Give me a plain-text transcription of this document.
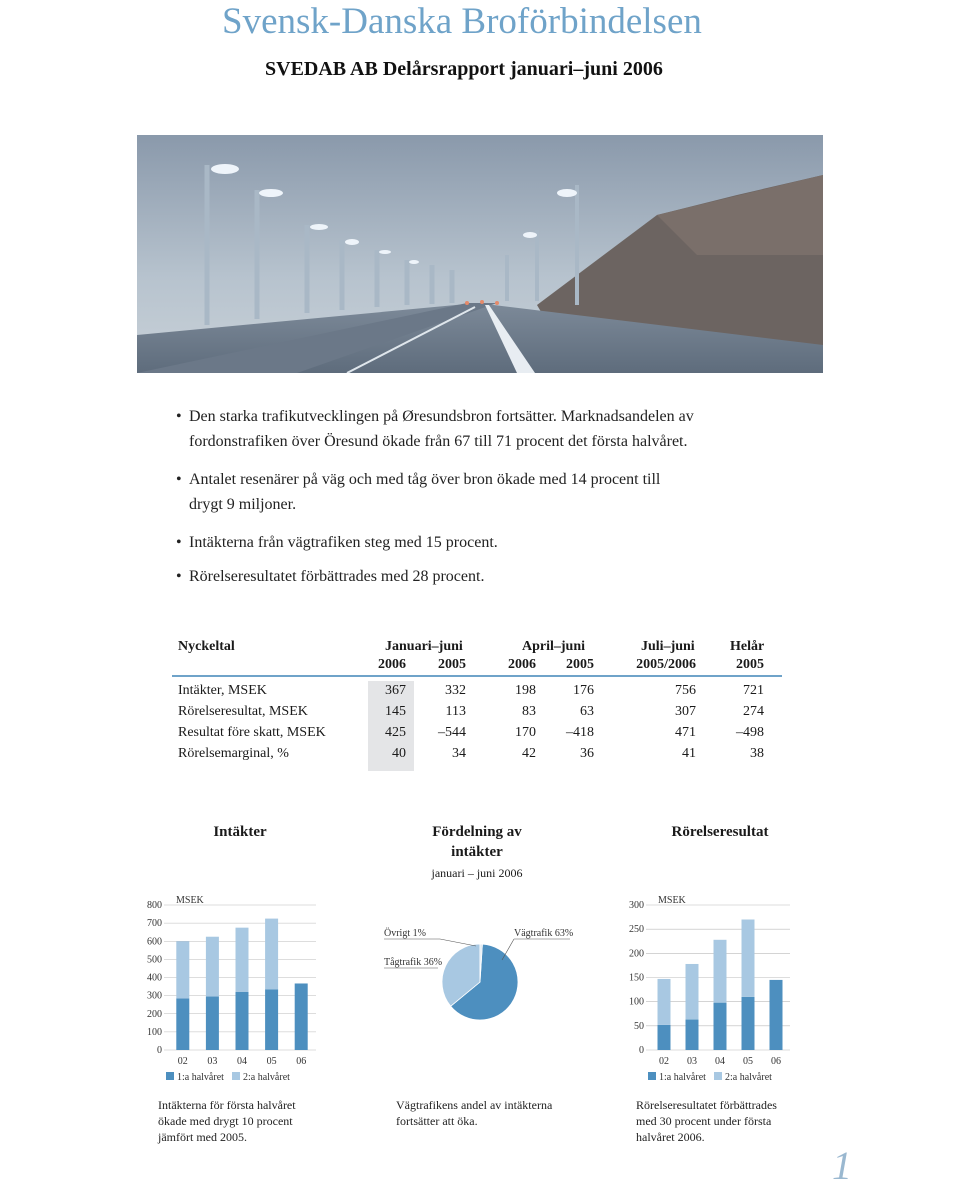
Svensk-Danska Broförbindelsen
SVEDAB AB Delårsrapport januari–juni 2006
• Den starka trafikutvecklingen på Øresundsbron fortsätter. Marknadsandelen av
fordonstrafiken över Öresund ökade från 67 till 71 procent det första halvåret.
• Antalet resenärer på väg och med tåg över bron ökade med 14 procent till
drygt 9 miljoner.
• Intäkterna från vägtrafiken steg med 15 procent.
• Rörelseresultatet förbättrades med 28 procent.
Nyckeltal	Januari–juni	April–juni	Juli–juni	Helår
2006 2005	2006 2005	2005/2006	2005
Intäkter, MSEK	367	332	198	176	756	721
Rörelseresultat, MSEK	145	113	83	63	307	274
Resultat före skatt, MSEK	425 –544	170 –418	471	–498
Rörelsemarginal, %	40	34	42	36	41	38
Intäkter	Fördelning av
intäkter
januari – juni 2006
Rörelseresultat
0
100
200
300
400
500
600
700
800 MSEK
02 03 04 05 06
1:a halvåret 2:a halvåret
Vägtrafik 63%
Övrigt 1%
Tågtrafik 36%
0
50
100
150
200
250
300 MSEK
02 03 04 05 06
1:a halvåret 2:a halvåret
Intäkterna för första halvåret ökade med drygt 10 procent jämfört med 2005.
Vägtrafikens andel av intäkterna fortsätter att öka.
Rörelseresultatet förbättrades med 30 procent under första halvåret 2006.
1
